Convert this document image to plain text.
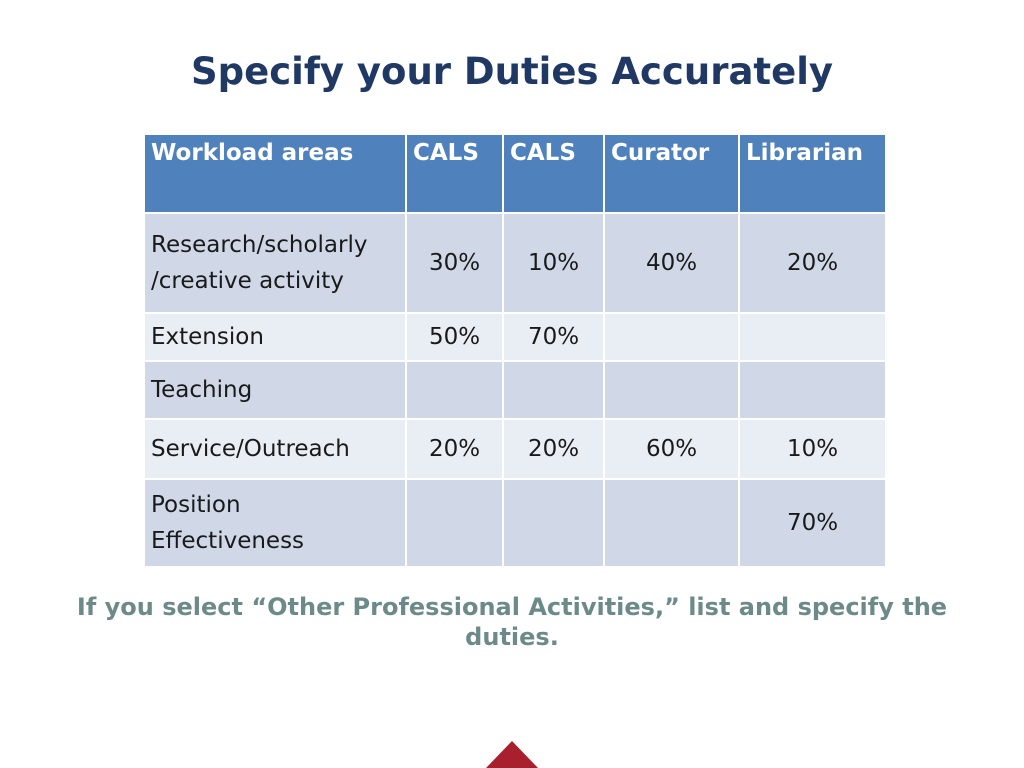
Specify your Duties Accurately
Workload areas	CALS	CALS	Curator	Librarian
Research/scholarly
/creative activity	30%	10%	40%	20%
Extension	50%	70%		
Teaching				
Service/Outreach	20%	20%	60%	10%
Position
Effectiveness				70%
If you select “Other Professional Activities,” list and specify the duties.
